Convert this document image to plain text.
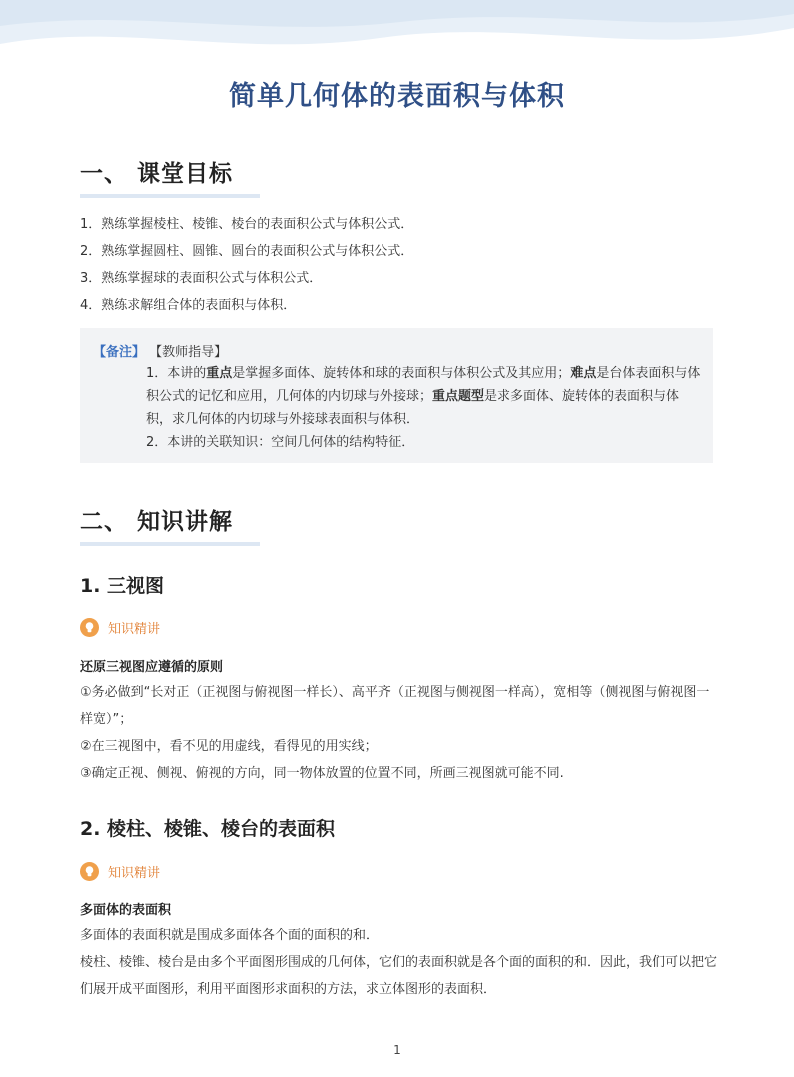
简单几何体的表面积与体积
一、 课堂目标
1．熟练掌握棱柱、棱锥、棱台的表面积公式与体积公式．
2．熟练掌握圆柱、圆锥、圆台的表面积公式与体积公式．
3．熟练掌握球的表面积公式与体积公式．
4．熟练求解组合体的表面积与体积．
【备注】 【教师指导】

1．本讲的重点是掌握多面体、旋转体和球的表面积与体积公式及其应用；难点是台体表面积与体积公式的记忆和应用，几何体的内切球与外接球；重点题型是求多面体、旋转体的表面积与体积，求几何体的内切球与外接球表面积与体积．

2．本讲的关联知识：空间几何体的结构特征．

二、 知识讲解
1. 三视图
知识精讲
还原三视图应遵循的原则

①务必做到“长对正（正视图与俯视图一样长）、高平齐（正视图与侧视图一样高），宽相等（侧视图与俯视图一样宽）”；

②在三视图中，看不见的用虚线，看得见的用实线；

③确定正视、侧视、俯视的方向，同一物体放置的位置不同，所画三视图就可能不同.

2. 棱柱、棱锥、棱台的表面积
知识精讲
多面体的表面积

多面体的表面积就是围成多面体各个面的面积的和．

棱柱、棱锥、棱台是由多个平面图形围成的几何体，它们的表面积就是各个面的面积的和．因此，我们可以把它们展开成平面图形，利用平面图形求面积的方法，求立体图形的表面积．

1
